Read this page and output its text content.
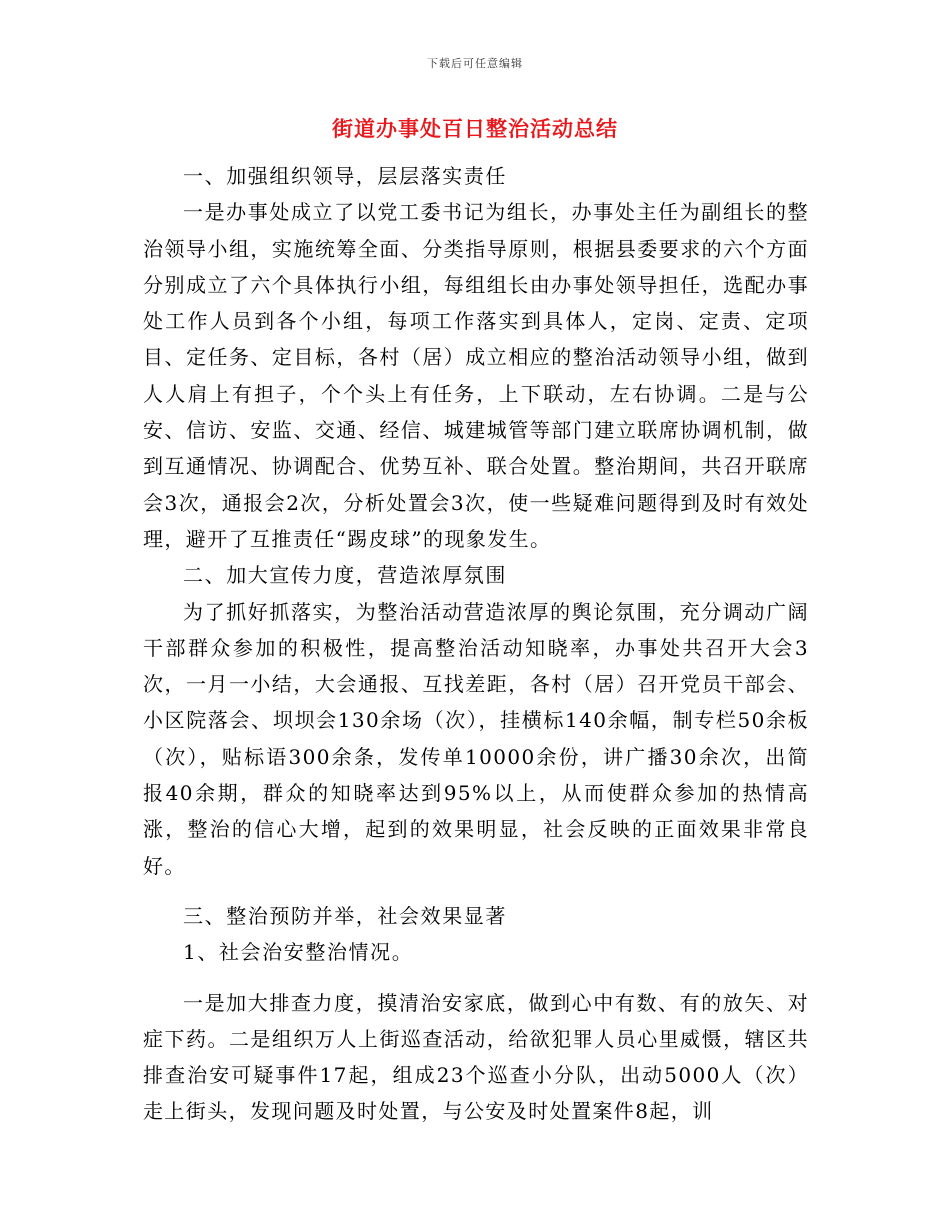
下载后可任意编辑
街道办事处百日整治活动总结

一、加强组织领导，层层落实责任

一是办事处成立了以党工委书记为组长，办事处主任为副组长的整治领导小组，实施统筹全面、分类指导原则，根据县委要求的六个方面分别成立了六个具体执行小组，每组组长由办事处领导担任，选配办事处工作人员到各个小组，每项工作落实到具体人，定岗、定责、定项目、定任务、定目标，各村（居）成立相应的整治活动领导小组，做到人人肩上有担子，个个头上有任务，上下联动，左右协调。二是与公安、信访、安监、交通、经信、城建城管等部门建立联席协调机制，做到互通情况、协调配合、优势互补、联合处置。整治期间，共召开联席会3次，通报会2次，分析处置会3次，使一些疑难问题得到及时有效处理，避开了互推责任“踢皮球”的现象发生。

二、加大宣传力度，营造浓厚氛围

为了抓好抓落实，为整治活动营造浓厚的舆论氛围，充分调动广阔干部群众参加的积极性，提高整治活动知晓率，办事处共召开大会3次，一月一小结，大会通报、互找差距，各村（居）召开党员干部会、小区院落会、坝坝会130余场（次），挂横标140余幅，制专栏50余板（次），贴标语300余条，发传单10000余份，讲广播30余次，出简报40余期，群众的知晓率达到95%以上，从而使群众参加的热情高涨，整治的信心大增，起到的效果明显，社会反映的正面效果非常良好。

三、整治预防并举，社会效果显著

1、社会治安整治情况。

一是加大排查力度，摸清治安家底，做到心中有数、有的放矢、对症下药。二是组织万人上街巡查活动，给欲犯罪人员心里威慑，辖区共排查治安可疑事件17起，组成23个巡查小分队，出动5000人（次）走上街头，发现问题及时处置，与公安及时处置案件8起，训
